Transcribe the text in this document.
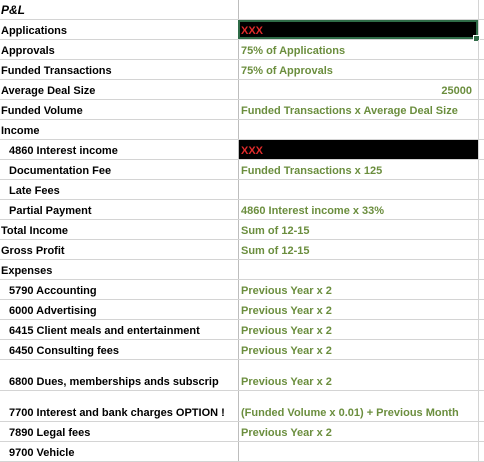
P&L
Applications	XXX
Approvals	75% of Applications
Funded Transactions	75% of Approvals
Average Deal Size	25000
Funded Volume	Funded Transactions x Average Deal Size
Income
4860 Interest income	XXX
Documentation Fee	Funded Transactions x 125
Late Fees
Partial Payment	4860 Interest income x 33%
Total Income	Sum of 12-15
Gross Profit	Sum of 12-15
Expenses
5790 Accounting	Previous Year x 2
6000 Advertising	Previous Year x 2
6415 Client meals and entertainment	Previous Year x 2
6450 Consulting fees	Previous Year x 2
6800 Dues, memberships ands subscrip	Previous Year x 2
7700 Interest and bank charges OPTION !	(Funded Volume x 0.01) + Previous Month
7890 Legal fees	Previous Year x 2
9700 Vehicle
